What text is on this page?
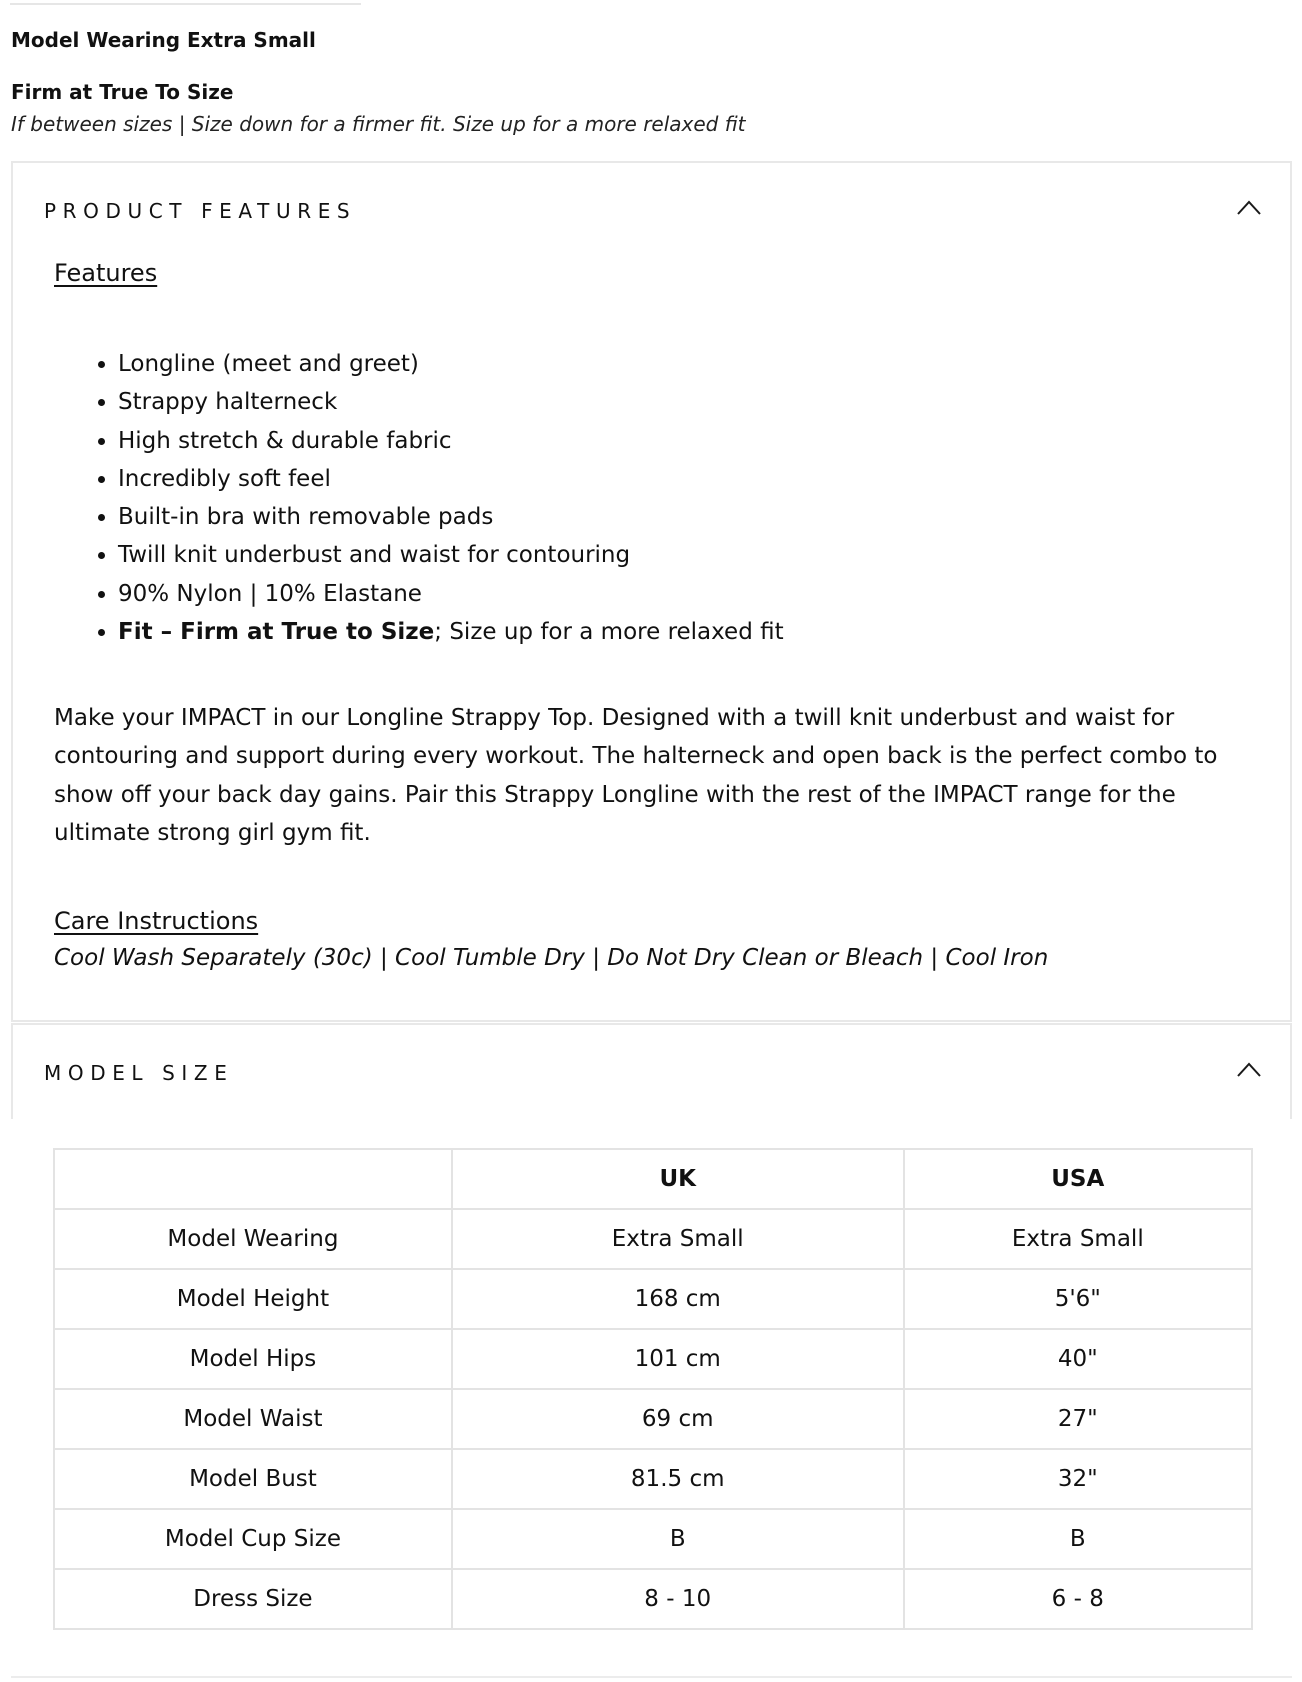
Model Wearing Extra Small
Firm at True To Size
If between sizes | Size down for a firmer fit. Size up for a more relaxed fit
PRODUCT FEATURES
Features
• Longline (meet and greet)
• Strappy halterneck
• High stretch & durable fabric
• Incredibly soft feel
• Built-in bra with removable pads
• Twill knit underbust and waist for contouring
• 90% Nylon | 10% Elastane
• Fit – Firm at True to Size; Size up for a more relaxed fit

Make your IMPACT in our Longline Strappy Top. Designed with a twill knit underbust and waist for contouring and support during every workout. The halterneck and open back is the perfect combo to show off your back day gains. Pair this Strappy Longline with the rest of the IMPACT range for the ultimate strong girl gym fit.

Care Instructions
Cool Wash Separately (30c) | Cool Tumble Dry | Do Not Dry Clean or Bleach | Cool Iron
MODEL SIZE
	UK	USA
Model Wearing	Extra Small	Extra Small
Model Height	168 cm	5'6"
Model Hips	101 cm	40"
Model Waist	69 cm	27"
Model Bust	81.5 cm	32"
Model Cup Size	B	B
Dress Size	8 - 10	6 - 8
